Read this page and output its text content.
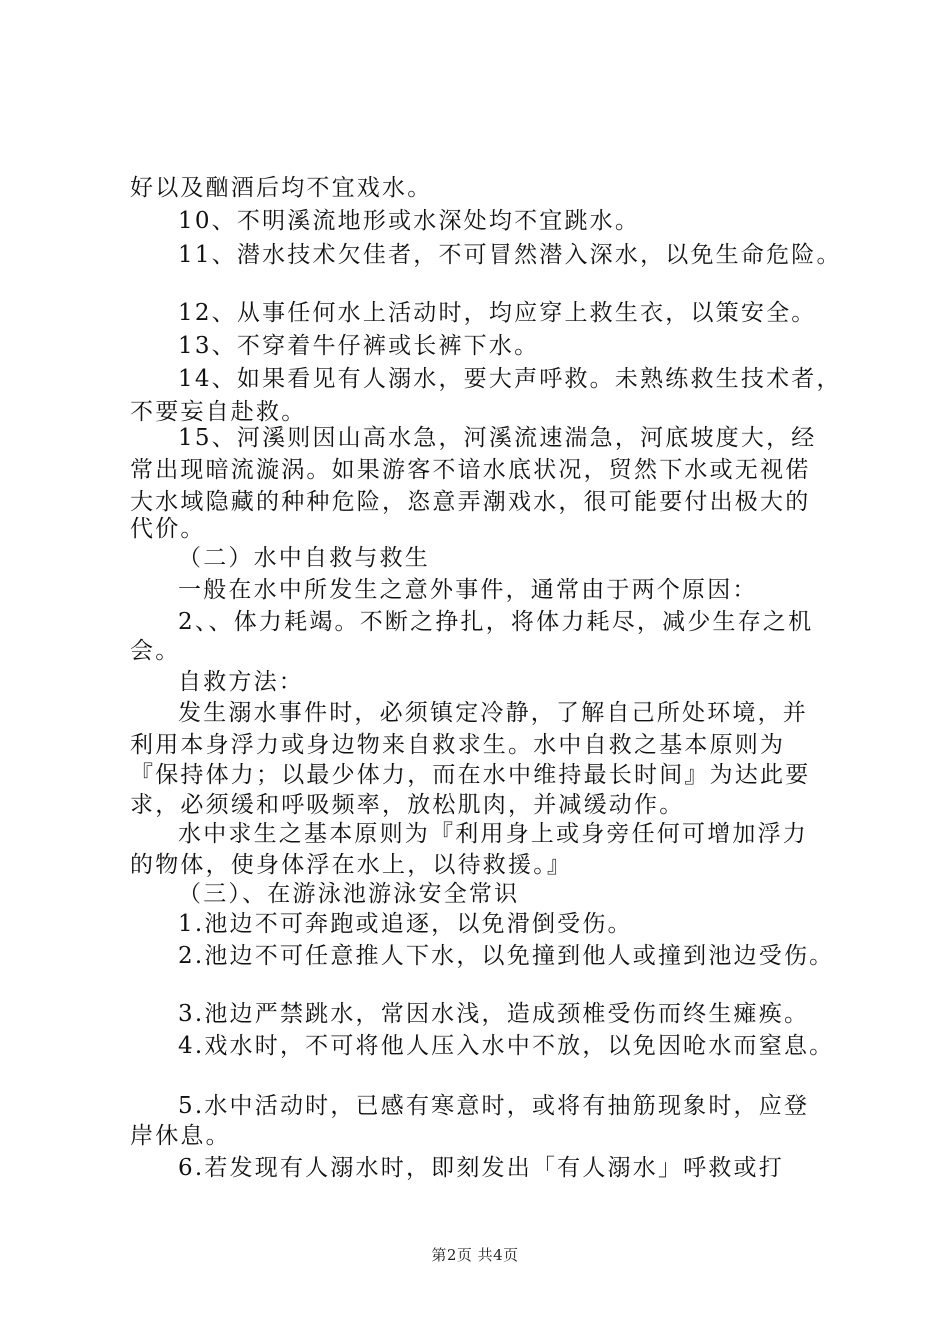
好以及酗酒后均不宜戏水。
10、不明溪流地形或水深处均不宜跳水。
11、潜水技术欠佳者，不可冒然潜入深水，以免生命危险。
12、从事任何水上活动时，均应穿上救生衣，以策安全。
13、不穿着牛仔裤或长裤下水。
14、如果看见有人溺水，要大声呼救。未熟练救生技术者，
不要妄自赴救。
15、河溪则因山高水急，河溪流速湍急，河底坡度大，经
常出现暗流漩涡。如果游客不谙水底状况，贸然下水或无视偌
大水域隐藏的种种危险，恣意弄潮戏水，很可能要付出极大的
代价。
（二）水中自救与救生
一般在水中所发生之意外事件，通常由于两个原因：
2、、体力耗竭。不断之挣扎，将体力耗尽，减少生存之机
会。
自救方法：
发生溺水事件时，必须镇定冷静，了解自己所处环境，并
利用本身浮力或身边物来自救求生。水中自救之基本原则为
『保持体力；以最少体力，而在水中维持最长时间』为达此要
求，必须缓和呼吸频率，放松肌肉，并减缓动作。
水中求生之基本原则为『利用身上或身旁任何可增加浮力
的物体，使身体浮在水上，以待救援。』
（三）、在游泳池游泳安全常识
1.池边不可奔跑或追逐，以免滑倒受伤。
2.池边不可任意推人下水，以免撞到他人或撞到池边受伤。
3.池边严禁跳水，常因水浅，造成颈椎受伤而终生瘫痪。
4.戏水时，不可将他人压入水中不放，以免因呛水而窒息。
5.水中活动时，已感有寒意时，或将有抽筋现象时，应登
岸休息。
6.若发现有人溺水时，即刻发出「有人溺水」呼救或打
第2页 共4页
